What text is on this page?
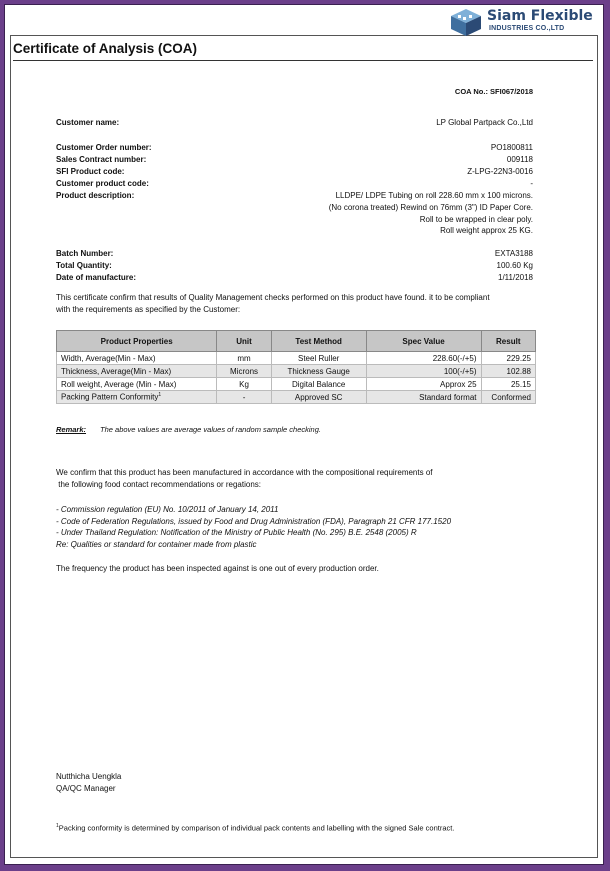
Siam Flexible
INDUSTRIES CO.,LTD
Certificate of Analysis (COA)
COA No.: SFI067/2018
Customer name:	LP Global Partpack Co.,Ltd
Customer Order number:	PO1800811
Sales Contract number:	009118
SFI Product code:	Z-LPG-22N3-0016
Customer product code:	-
Product description:	LLDPE/ LDPE Tubing on roll 228.60 mm x 100 microns.
(No corona treated) Rewind on 76mm (3") ID Paper Core.
Roll to be wrapped in clear poly.
Roll weight approx 25 KG.
Batch Number:	EXTA3188
Total Quantity:	100.60 Kg
Date of manufacture:	1/11/2018
This certificate confirm that results of Quality Management checks performed on this product have found. it to be compliant
with the requirements as specified by the Customer:
Product Properties	Unit	Test Method	Spec Value	Result
Width, Average(Min - Max)	mm	Steel Ruller	228.60(-/+5)	229.25
Thickness, Average(Min - Max)	Microns	Thickness Gauge	100(-/+5)	102.88
Roll weight, Average (Min - Max)	Kg	Digital Balance	Approx 25	25.15
Packing Pattern Conformity$^1$	-	Approved SC	Standard format	Conformed
Remark: The above values are average values of random sample checking.
We confirm that this product has been manufactured in accordance with the compositional requirements of
the following food contact recommendations or regations:
- Commission regulation (EU) No. 10/2011 of January 14, 2011
- Code of Federation Regulations, issued by Food and Drug Administration (FDA), Paragraph 21 CFR 177.1520
- Under Thailand Regulation: Notification of the Ministry of Public Health (No. 295) B.E. 2548 (2005) R
Re: Qualities or standard for container made from plastic
The frequency the product has been inspected against is one out of every production order.
Nutthicha Uengkla
QA/QC Manager
$^1$Packing conformity is determined by comparison of individual pack contents and labelling with the signed Sale contract.
